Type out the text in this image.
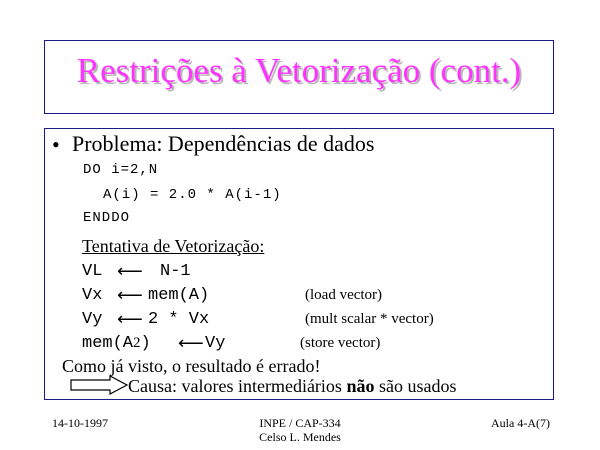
Restrições à Vetorização (cont.)
• Problema: Dependências de dados
DO i=2,N
A(i) = 2.0 * A(i-1)
ENDDO
Tentativa de Vetorização:
VL ⟵ N-1
Vx ⟵ mem(A)	(load vector)
Vy ⟵ 2 * Vx	(mult scalar * vector)
mem(A2) ⟵ Vy	(store vector)
Como já visto, o resultado é errado!
Causa: valores intermediários não são usados
14-10-1997	INPE / CAP-334
Celso L. Mendes
Aula 4-A(7)
